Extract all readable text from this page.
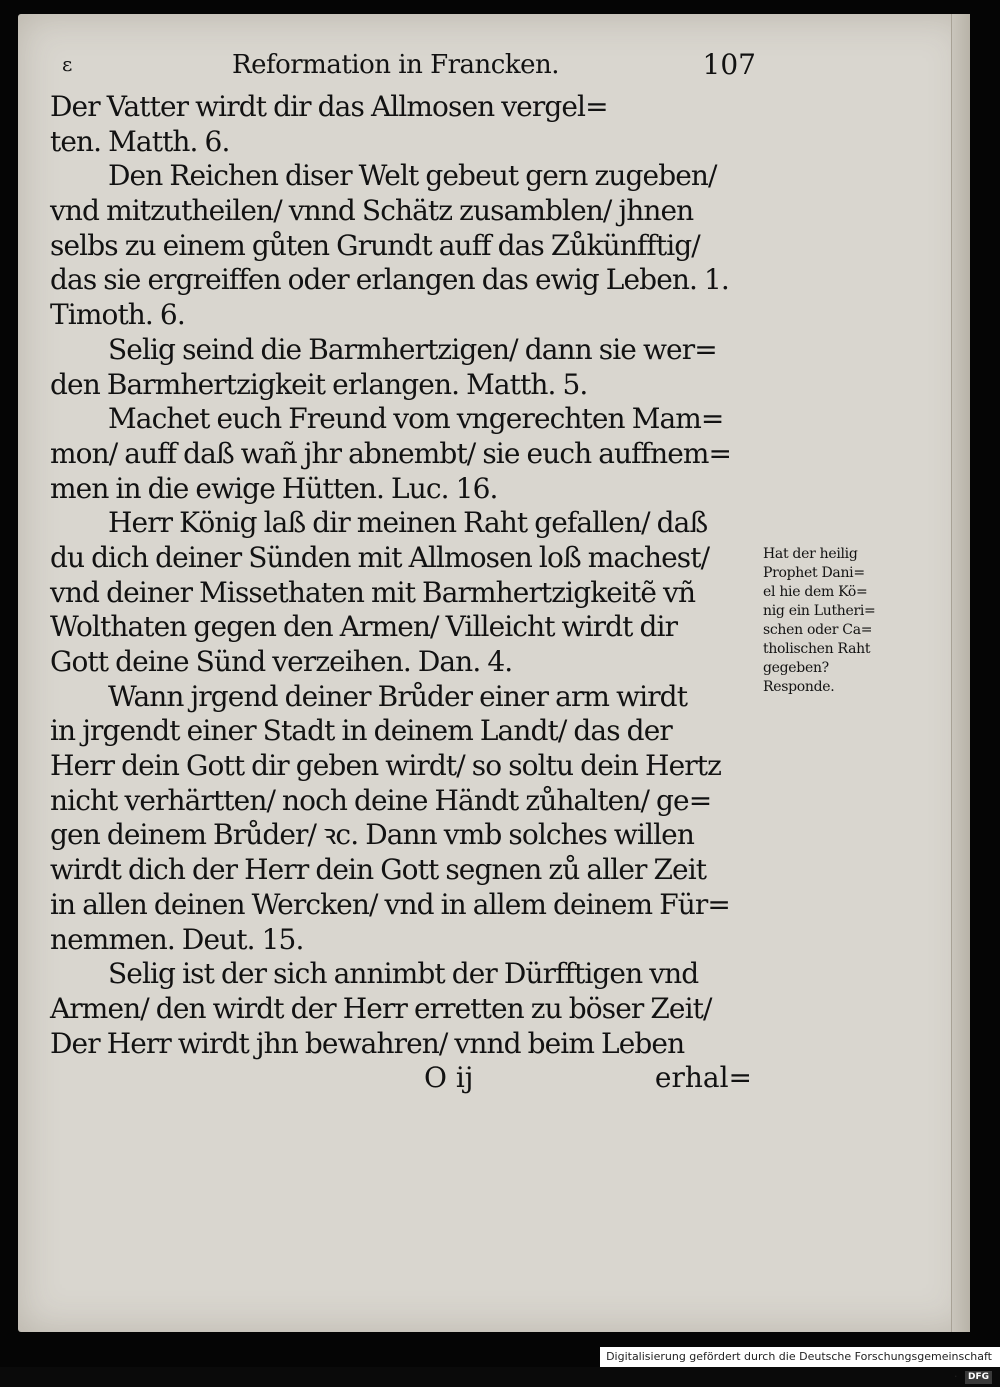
ɛ	Reformation in Francken.	107
Der Vatter wirdt dir das Allmosen vergel=
ten. Matth. 6.
Den Reichen diser Welt gebeut gern zugeben/
vnd mitzutheilen/ vnnd Schätz zusamblen/ jhnen
selbs zu einem gůten Grundt auff das Zůkünfftig/
das sie ergreiffen oder erlangen das ewig Leben. 1.
Timoth. 6.
Selig seind die Barmhertzigen/ dann sie wer=
den Barmhertzigkeit erlangen. Matth. 5.
Machet euch Freund vom vngerechten Mam=
mon/ auff daß wañ jhr abnembt/ sie euch auffnem=
men in die ewige Hütten. Luc. 16.
Herr König laß dir meinen Raht gefallen/ daß
du dich deiner Sünden mit Allmosen loß machest/
vnd deiner Missethaten mit Barmhertzigkeitẽ vñ
Wolthaten gegen den Armen/ Villeicht wirdt dir
Gott deine Sünd verzeihen. Dan. 4.
Wann jrgend deiner Brůder einer arm wirdt
in jrgendt einer Stadt in deinem Landt/ das der
Herr dein Gott dir geben wirdt/ so soltu dein Hertz
nicht verhärtten/ noch deine Händt zůhalten/ ge=
gen deinem Brůder/ ꝛc. Dann vmb solches willen
wirdt dich der Herr dein Gott segnen zů aller Zeit
in allen deinen Wercken/ vnd in allem deinem Für=
nemmen. Deut. 15.
Selig ist der sich annimbt der Dürfftigen vnd
Armen/ den wirdt der Herr erretten zu böser Zeit/
Der Herr wirdt jhn bewahren/ vnnd beim Leben
O ij	erhal=
Hat der heilig
Prophet Dani=
el hie dem Kö=
nig ein Lutheri=
schen oder Ca=
tholischen Raht
gegeben?
Responde.
Digitalisierung gefördert durch die Deutsche Forschungsgemeinschaft · DFG
